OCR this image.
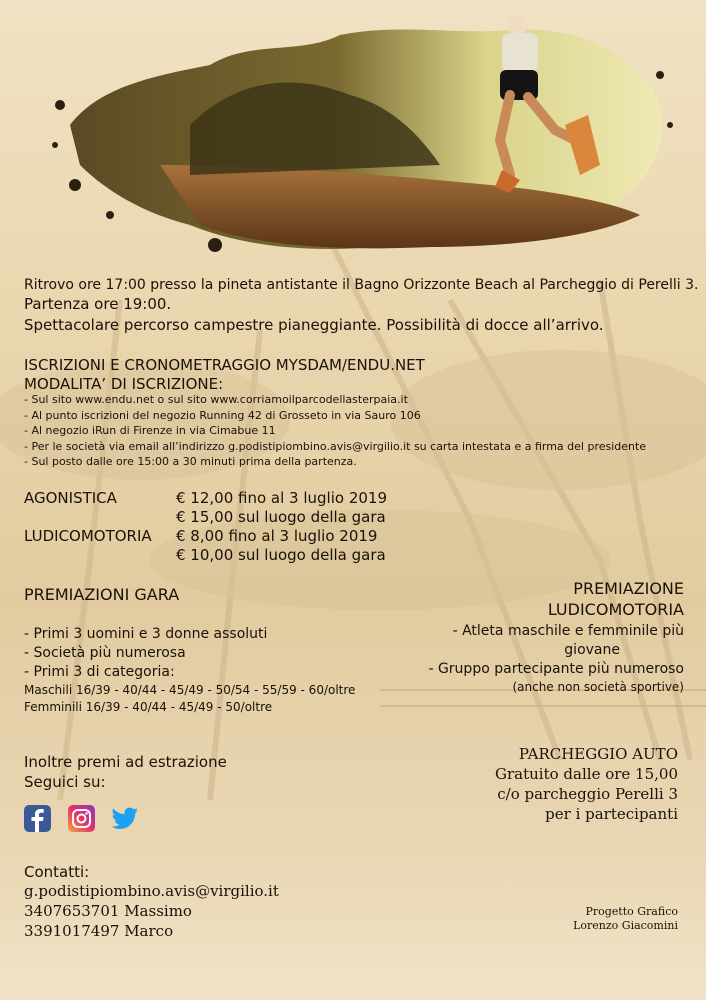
Ritrovo ore 17:00 presso la pineta antistante il Bagno Orizzonte Beach al Parcheggio di Perelli 3.
Partenza ore 19:00.
Spettacolare percorso campestre pianeggiante. Possibilità di docce all’arrivo.
ISCRIZIONI E CRONOMETRAGGIO MYSDAM/ENDU.NET
MODALITA’ DI ISCRIZIONE:
- Sul sito www.endu.net o sul sito www.corriamoilparcodellasterpaia.it
- Al punto iscrizioni del negozio Running 42 di Grosseto in via Sauro 106
- Al negozio iRun di Firenze in via Cimabue 11
- Per le società via email all’indirizzo g.podistipiombino.avis@virgilio.it su carta intestata e a firma del presidente
- Sul posto dalle ore 15:00 a 30 minuti prima della partenza.
AGONISTICA	€ 12,00 fino al 3 luglio 2019
€ 15,00 sul luogo della gara
LUDICOMOTORIA	€ 8,00 fino al 3 luglio 2019
€ 10,00 sul luogo della gara
PREMIAZIONI GARA
- Primi 3 uomini e 3 donne assoluti
- Società più numerosa
- Primi 3 di categoria:
Maschili 16/39 - 40/44 - 45/49 - 50/54 - 55/59 - 60/oltre
Femminili 16/39 - 40/44 - 45/49 - 50/oltre
PREMIAZIONE
LUDICOMOTORIA
- Atleta maschile e femminile più
giovane
- Gruppo partecipante più numeroso
(anche non società sportive)
Inoltre premi ad estrazione
Seguici su:
PARCHEGGIO AUTO
Gratuito dalle ore 15,00
c/o parcheggio Perelli 3
per i partecipanti
Contatti:
g.podistipiombino.avis@virgilio.it
3407653701 Massimo
3391017497 Marco
Progetto Grafico
Lorenzo Giacomini
